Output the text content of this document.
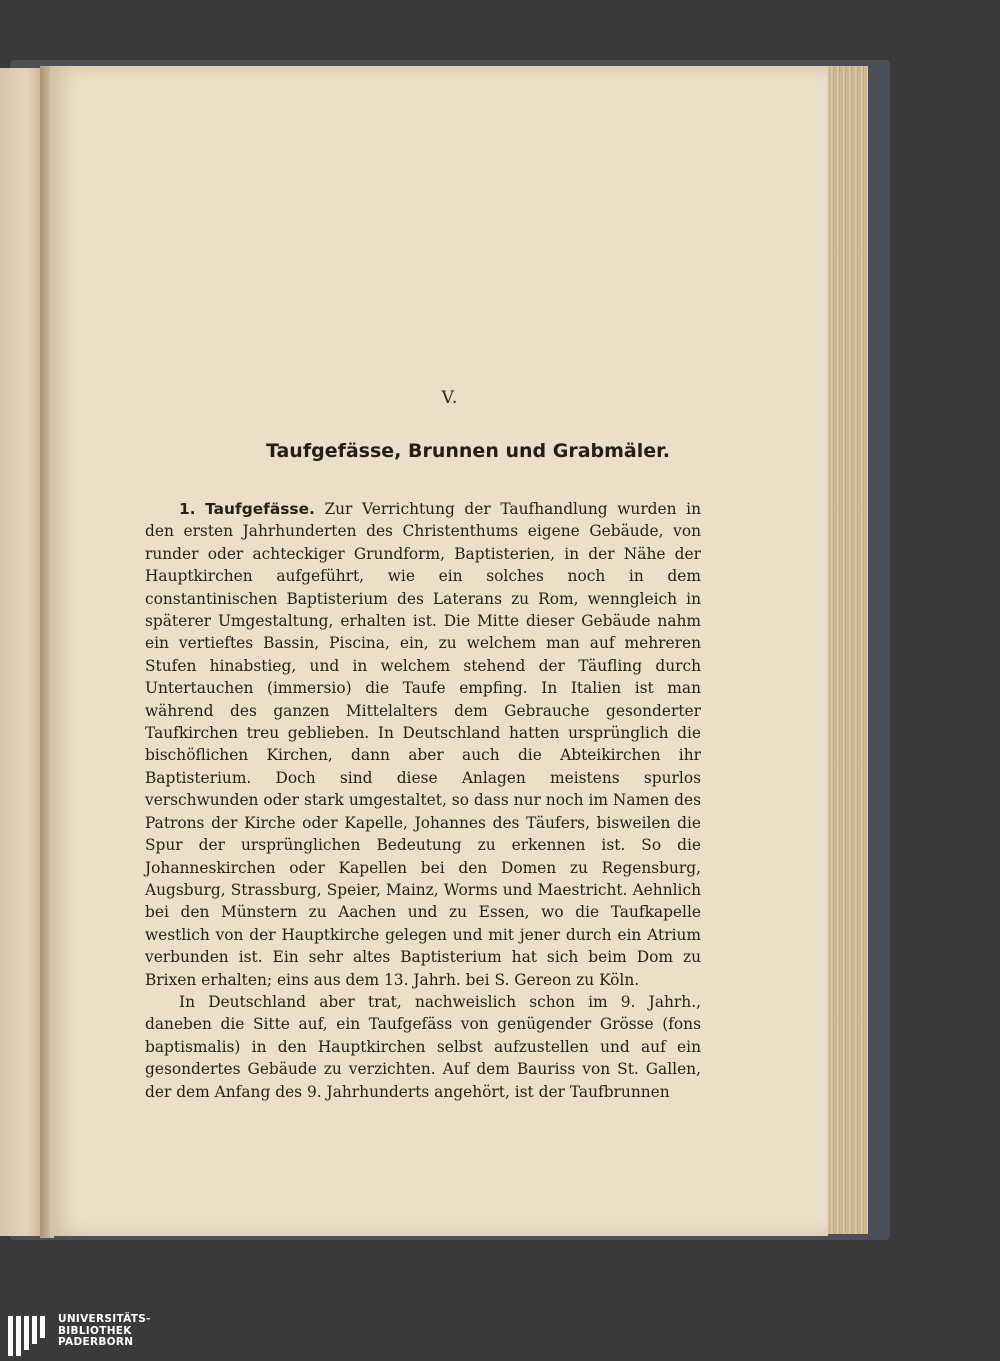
V.
Taufgefässe, Brunnen und Grabmäler.

1. Taufgefässe. Zur Verrichtung der Taufhandlung wurden in den ersten Jahrhunderten des Christenthums eigene Gebäude, von runder oder achteckiger Grundform, Baptisterien, in der Nähe der Hauptkirchen aufgeführt, wie ein solches noch in dem constantinischen Baptisterium des Laterans zu Rom, wenngleich in späterer Umgestaltung, erhalten ist. Die Mitte dieser Gebäude nahm ein vertieftes Bassin, Piscina, ein, zu welchem man auf mehreren Stufen hinabstieg, und in welchem stehend der Täufling durch Untertauchen (immersio) die Taufe empfing. In Italien ist man während des ganzen Mittelalters dem Gebrauche gesonderter Taufkirchen treu geblieben. In Deutschland hatten ursprünglich die bischöflichen Kirchen, dann aber auch die Abteikirchen ihr Baptisterium. Doch sind diese Anlagen meistens spurlos verschwunden oder stark umgestaltet, so dass nur noch im Namen des Patrons der Kirche oder Kapelle, Johannes des Täufers, bisweilen die Spur der ursprünglichen Bedeutung zu erkennen ist. So die Johanneskirchen oder Kapellen bei den Domen zu Regensburg, Augsburg, Strassburg, Speier, Mainz, Worms und Maestricht. Aehnlich bei den Münstern zu Aachen und zu Essen, wo die Taufkapelle westlich von der Hauptkirche gelegen und mit jener durch ein Atrium verbunden ist. Ein sehr altes Baptisterium hat sich beim Dom zu Brixen erhalten; eins aus dem 13. Jahrh. bei S. Gereon zu Köln.

In Deutschland aber trat, nachweislich schon im 9. Jahrh., daneben die Sitte auf, ein Taufgefäss von genügender Grösse (fons baptismalis) in den Hauptkirchen selbst aufzustellen und auf ein gesondertes Gebäude zu verzichten. Auf dem Bauriss von St. Gallen, der dem Anfang des 9. Jahrhunderts angehört, ist der Taufbrunnen

UNIVERSITÄTS-
BIBLIOTHEK
PADERBORN
